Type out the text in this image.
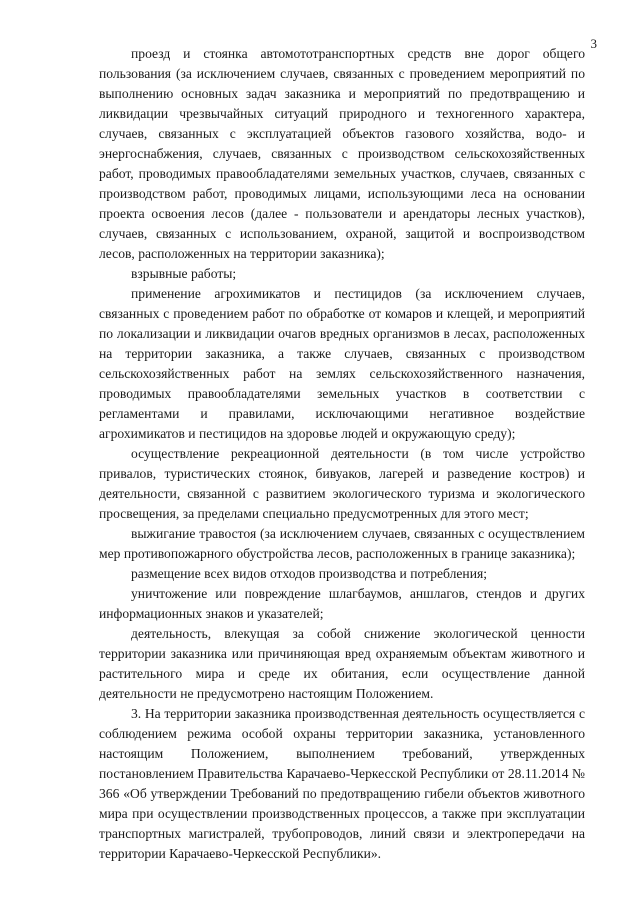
3

проезд и стоянка автомототранспортных средств вне дорог общего пользования (за исключением случаев, связанных с проведением мероприятий по выполнению основных задач заказника и мероприятий по предотвращению и ликвидации чрезвычайных ситуаций природного и техногенного характера, случаев, связанных с эксплуатацией объектов газового хозяйства, водо- и энергоснабжения, случаев, связанных с производством сельскохозяйственных работ, проводимых правообладателями земельных участков, случаев, связанных с производством работ, проводимых лицами, использующими леса на основании проекта освоения лесов (далее - пользователи и арендаторы лесных участков), случаев, связанных с использованием, охраной, защитой и воспроизводством лесов, расположенных на территории заказника);

взрывные работы;

применение агрохимикатов и пестицидов (за исключением случаев, связанных с проведением работ по обработке от комаров и клещей, и мероприятий по локализации и ликвидации очагов вредных организмов в лесах, расположенных на территории заказника, а также случаев, связанных с производством сельскохозяйственных работ на землях сельскохозяйственного назначения, проводимых правообладателями земельных участков в соответствии с регламентами и правилами, исключающими негативное воздействие агрохимикатов и пестицидов на здоровье людей и окружающую среду);

осуществление рекреационной деятельности (в том числе устройство привалов, туристических стоянок, бивуаков, лагерей и разведение костров) и деятельности, связанной с развитием экологического туризма и экологического просвещения, за пределами специально предусмотренных для этого мест;

выжигание травостоя (за исключением случаев, связанных с осуществлением мер противопожарного обустройства лесов, расположенных в границе заказника);

размещение всех видов отходов производства и потребления;

уничтожение или повреждение шлагбаумов, аншлагов, стендов и других информационных знаков и указателей;

деятельность, влекущая за собой снижение экологической ценности территории заказника или причиняющая вред охраняемым объектам животного и растительного мира и среде их обитания, если осуществление данной деятельности не предусмотрено настоящим Положением.

3. На территории заказника производственная деятельность осуществляется с соблюдением режима особой охраны территории заказника, установленного настоящим Положением, выполнением требований, утвержденных постановлением Правительства Карачаево-Черкесской Республики от 28.11.2014 № 366 «Об утверждении Требований по предотвращению гибели объектов животного мира при осуществлении производственных процессов, а также при эксплуатации транспортных магистралей, трубопроводов, линий связи и электропередачи на территории Карачаево-Черкесской Республики».
